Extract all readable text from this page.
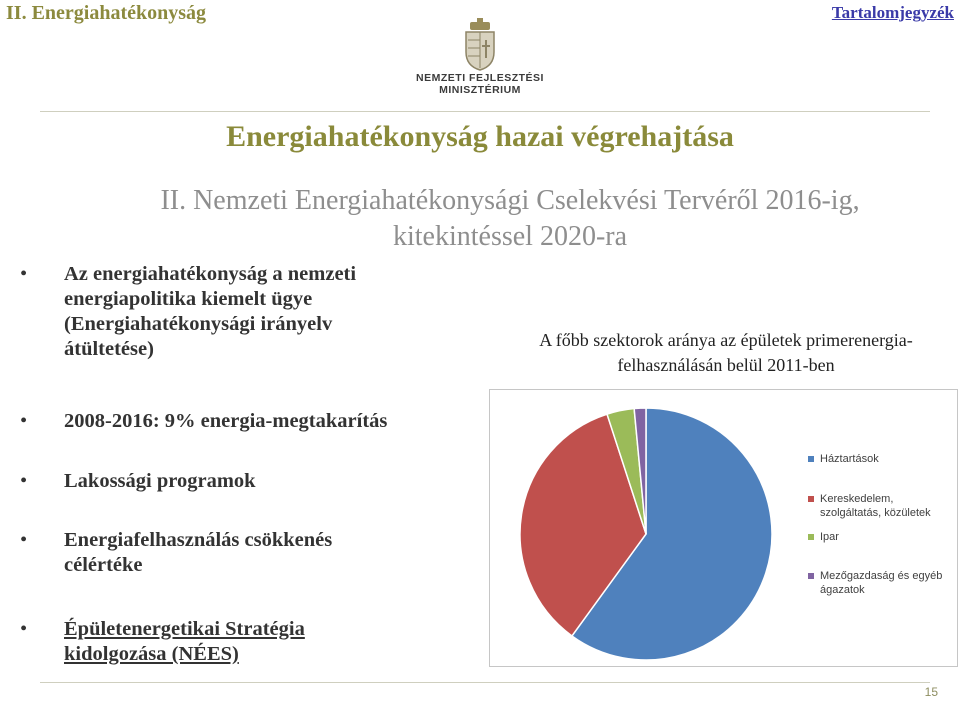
II. Energiahatékonyság	Tartalomjegyzék
NEMZETI FEJLESZTÉSI
MINISZTÉRIUM
Energiahatékonyság hazai végrehajtása
II. Nemzeti Energiahatékonysági Cselekvési Tervéről 2016-ig,
kitekintéssel 2020-ra
• Az energiahatékonyság a nemzeti
energiapolitika kiemelt ügye
(Energiahatékonysági irányelv
átültetése)
• 2008-2016: 9% energia-megtakarítás
• Lakossági programok
• Energiafelhasználás csökkenés
célértéke
• Épületenergetikai Stratégia
kidolgozása (NÉES)
A főbb szektorok aránya az épületek primerenergia-
felhasználásán belül 2011-ben
Háztartások
Kereskedelem, szolgáltatás, közületek
Ipar
Mezőgazdaság és egyéb ágazatok
15
